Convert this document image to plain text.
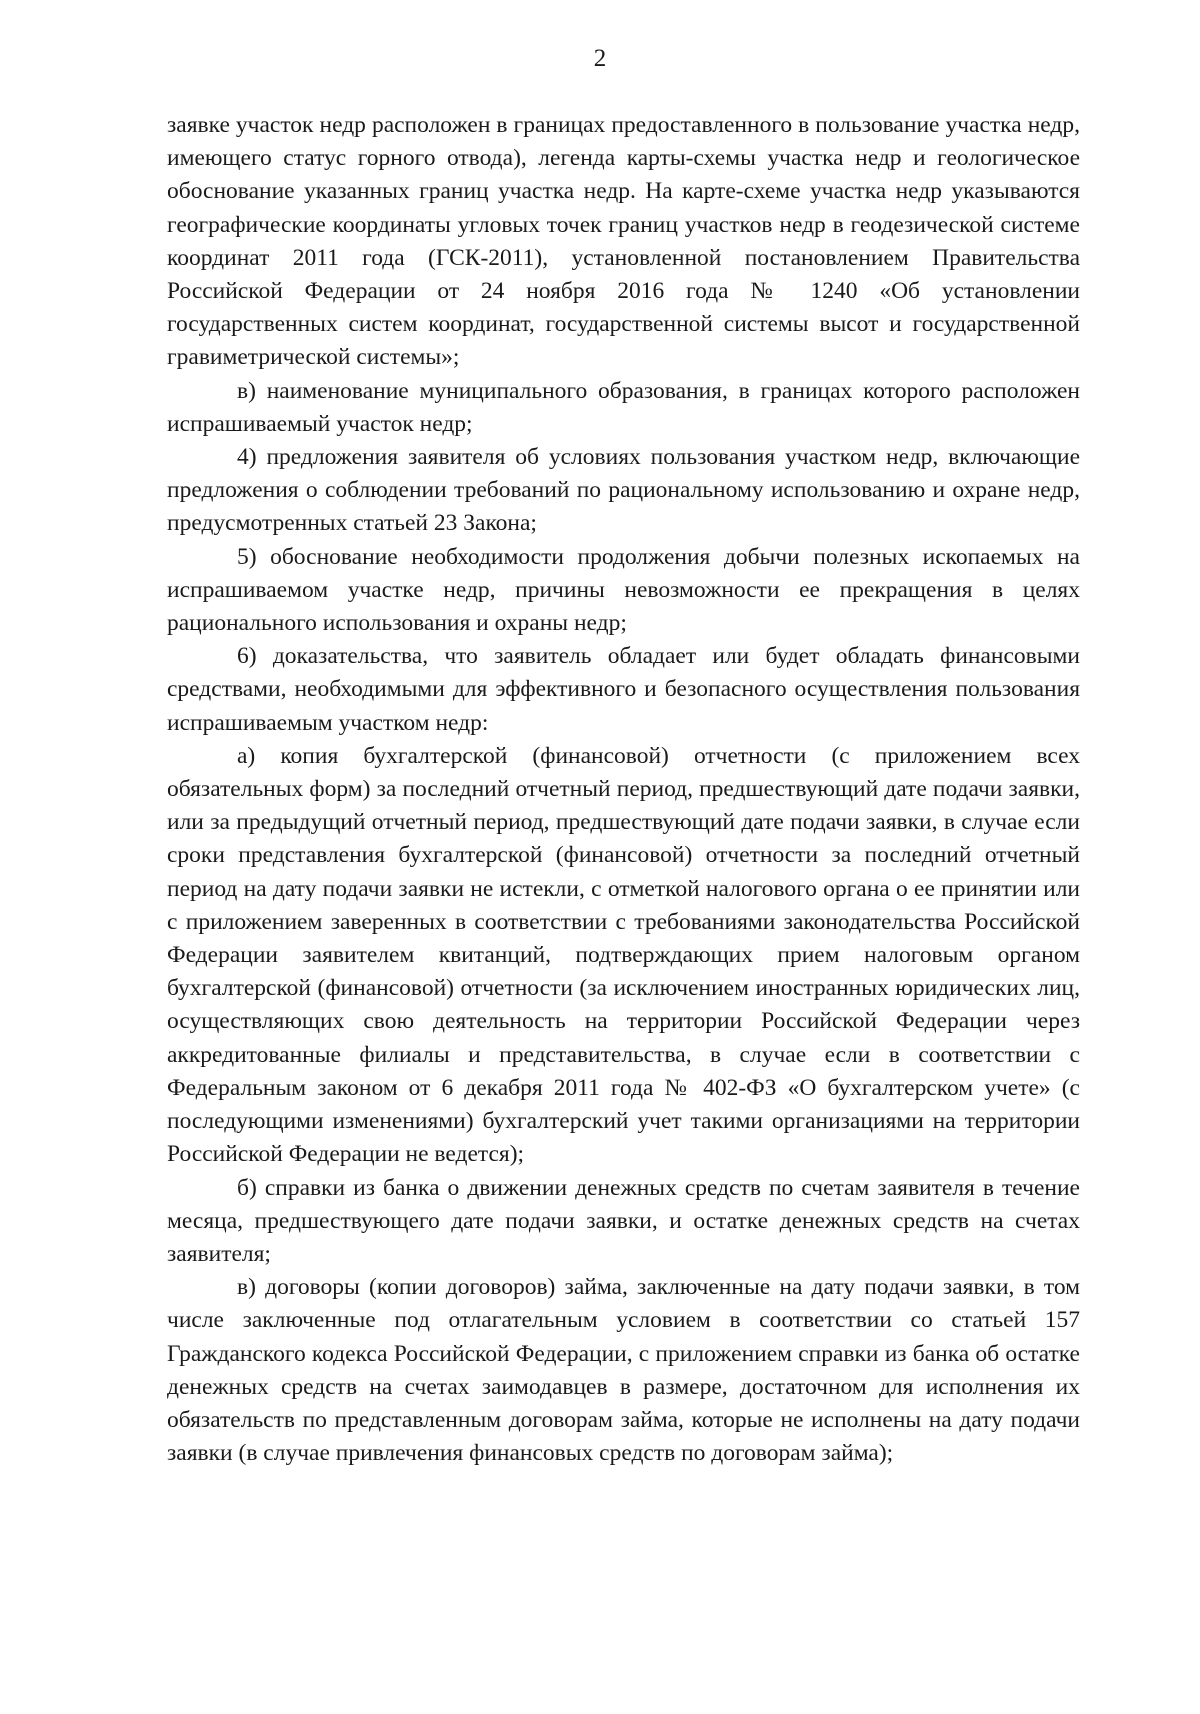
2

заявке участок недр расположен в границах предоставленного в пользование участка недр, имеющего статус горного отвода), легенда карты-схемы участка недр и геологическое обоснование указанных границ участка недр. На карте-схеме участка недр указываются географические координаты угловых точек границ участков недр в геодезической системе координат 2011 года (ГСК-2011), установленной постановлением Правительства Российской Федерации от 24 ноября 2016 года № 1240 «Об установлении государственных систем координат, государственной системы высот и государственной гравиметрической системы»;

в) наименование муниципального образования, в границах которого расположен испрашиваемый участок недр;

4) предложения заявителя об условиях пользования участком недр, включающие предложения о соблюдении требований по рациональному использованию и охране недр, предусмотренных статьей 23 Закона;

5) обоснование необходимости продолжения добычи полезных ископаемых на испрашиваемом участке недр, причины невозможности ее прекращения в целях рационального использования и охраны недр;

6) доказательства, что заявитель обладает или будет обладать финансовыми средствами, необходимыми для эффективного и безопасного осуществления пользования испрашиваемым участком недр:

а) копия бухгалтерской (финансовой) отчетности (с приложением всех обязательных форм) за последний отчетный период, предшествующий дате подачи заявки, или за предыдущий отчетный период, предшествующий дате подачи заявки, в случае если сроки представления бухгалтерской (финансовой) отчетности за последний отчетный период на дату подачи заявки не истекли, с отметкой налогового органа о ее принятии или с приложением заверенных в соответствии с требованиями законодательства Российской Федерации заявителем квитанций, подтверждающих прием налоговым органом бухгалтерской (финансовой) отчетности (за исключением иностранных юридических лиц, осуществляющих свою деятельность на территории Российской Федерации через аккредитованные филиалы и представительства, в случае если в соответствии с Федеральным законом от 6 декабря 2011 года № 402-ФЗ «О бухгалтерском учете» (с последующими изменениями) бухгалтерский учет такими организациями на территории Российской Федерации не ведется);

б) справки из банка о движении денежных средств по счетам заявителя в течение месяца, предшествующего дате подачи заявки, и остатке денежных средств на счетах заявителя;

в) договоры (копии договоров) займа, заключенные на дату подачи заявки, в том числе заключенные под отлагательным условием в соответствии со статьей 157 Гражданского кодекса Российской Федерации, с приложением справки из банка об остатке денежных средств на счетах заимодавцев в размере, достаточном для исполнения их обязательств по представленным договорам займа, которые не исполнены на дату подачи заявки (в случае привлечения финансовых средств по договорам займа);
